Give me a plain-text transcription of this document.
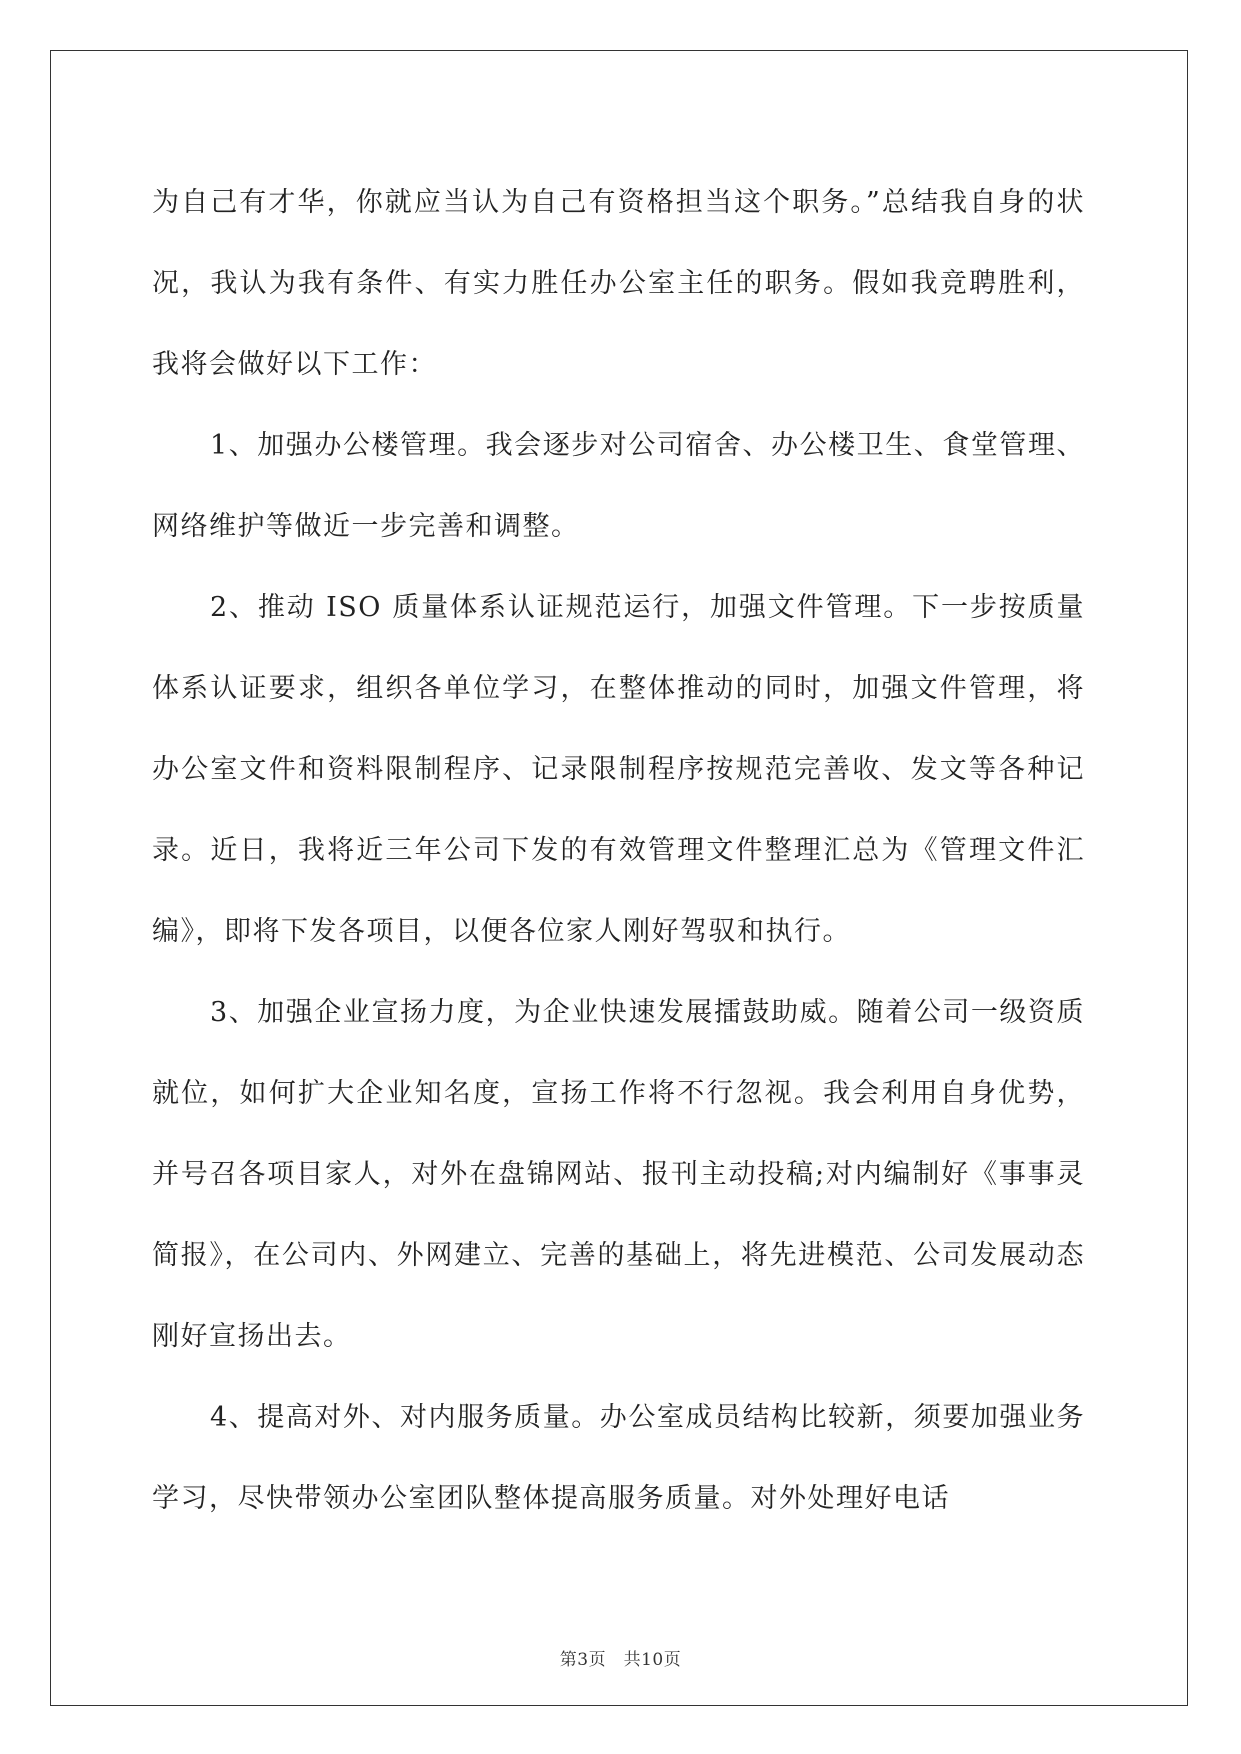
为自己有才华，你就应当认为自己有资格担当这个职务。”总结我自身的状况，我认为我有条件、有实力胜任办公室主任的职务。假如我竞聘胜利，我将会做好以下工作：

1、加强办公楼管理。我会逐步对公司宿舍、办公楼卫生、食堂管理、网络维护等做近一步完善和调整。

2、推动 ISO 质量体系认证规范运行，加强文件管理。下一步按质量体系认证要求，组织各单位学习，在整体推动的同时，加强文件管理，将办公室文件和资料限制程序、记录限制程序按规范完善收、发文等各种记录。近日，我将近三年公司下发的有效管理文件整理汇总为《管理文件汇编》，即将下发各项目，以便各位家人刚好驾驭和执行。

3、加强企业宣扬力度，为企业快速发展擂鼓助威。随着公司一级资质就位，如何扩大企业知名度，宣扬工作将不行忽视。我会利用自身优势，并号召各项目家人，对外在盘锦网站、报刊主动投稿;对内编制好《事事灵简报》，在公司内、外网建立、完善的基础上，将先进模范、公司发展动态刚好宣扬出去。

4、提高对外、对内服务质量。办公室成员结构比较新，须要加强业务学习，尽快带领办公室团队整体提高服务质量。对外处理好电话

第3页　共10页
